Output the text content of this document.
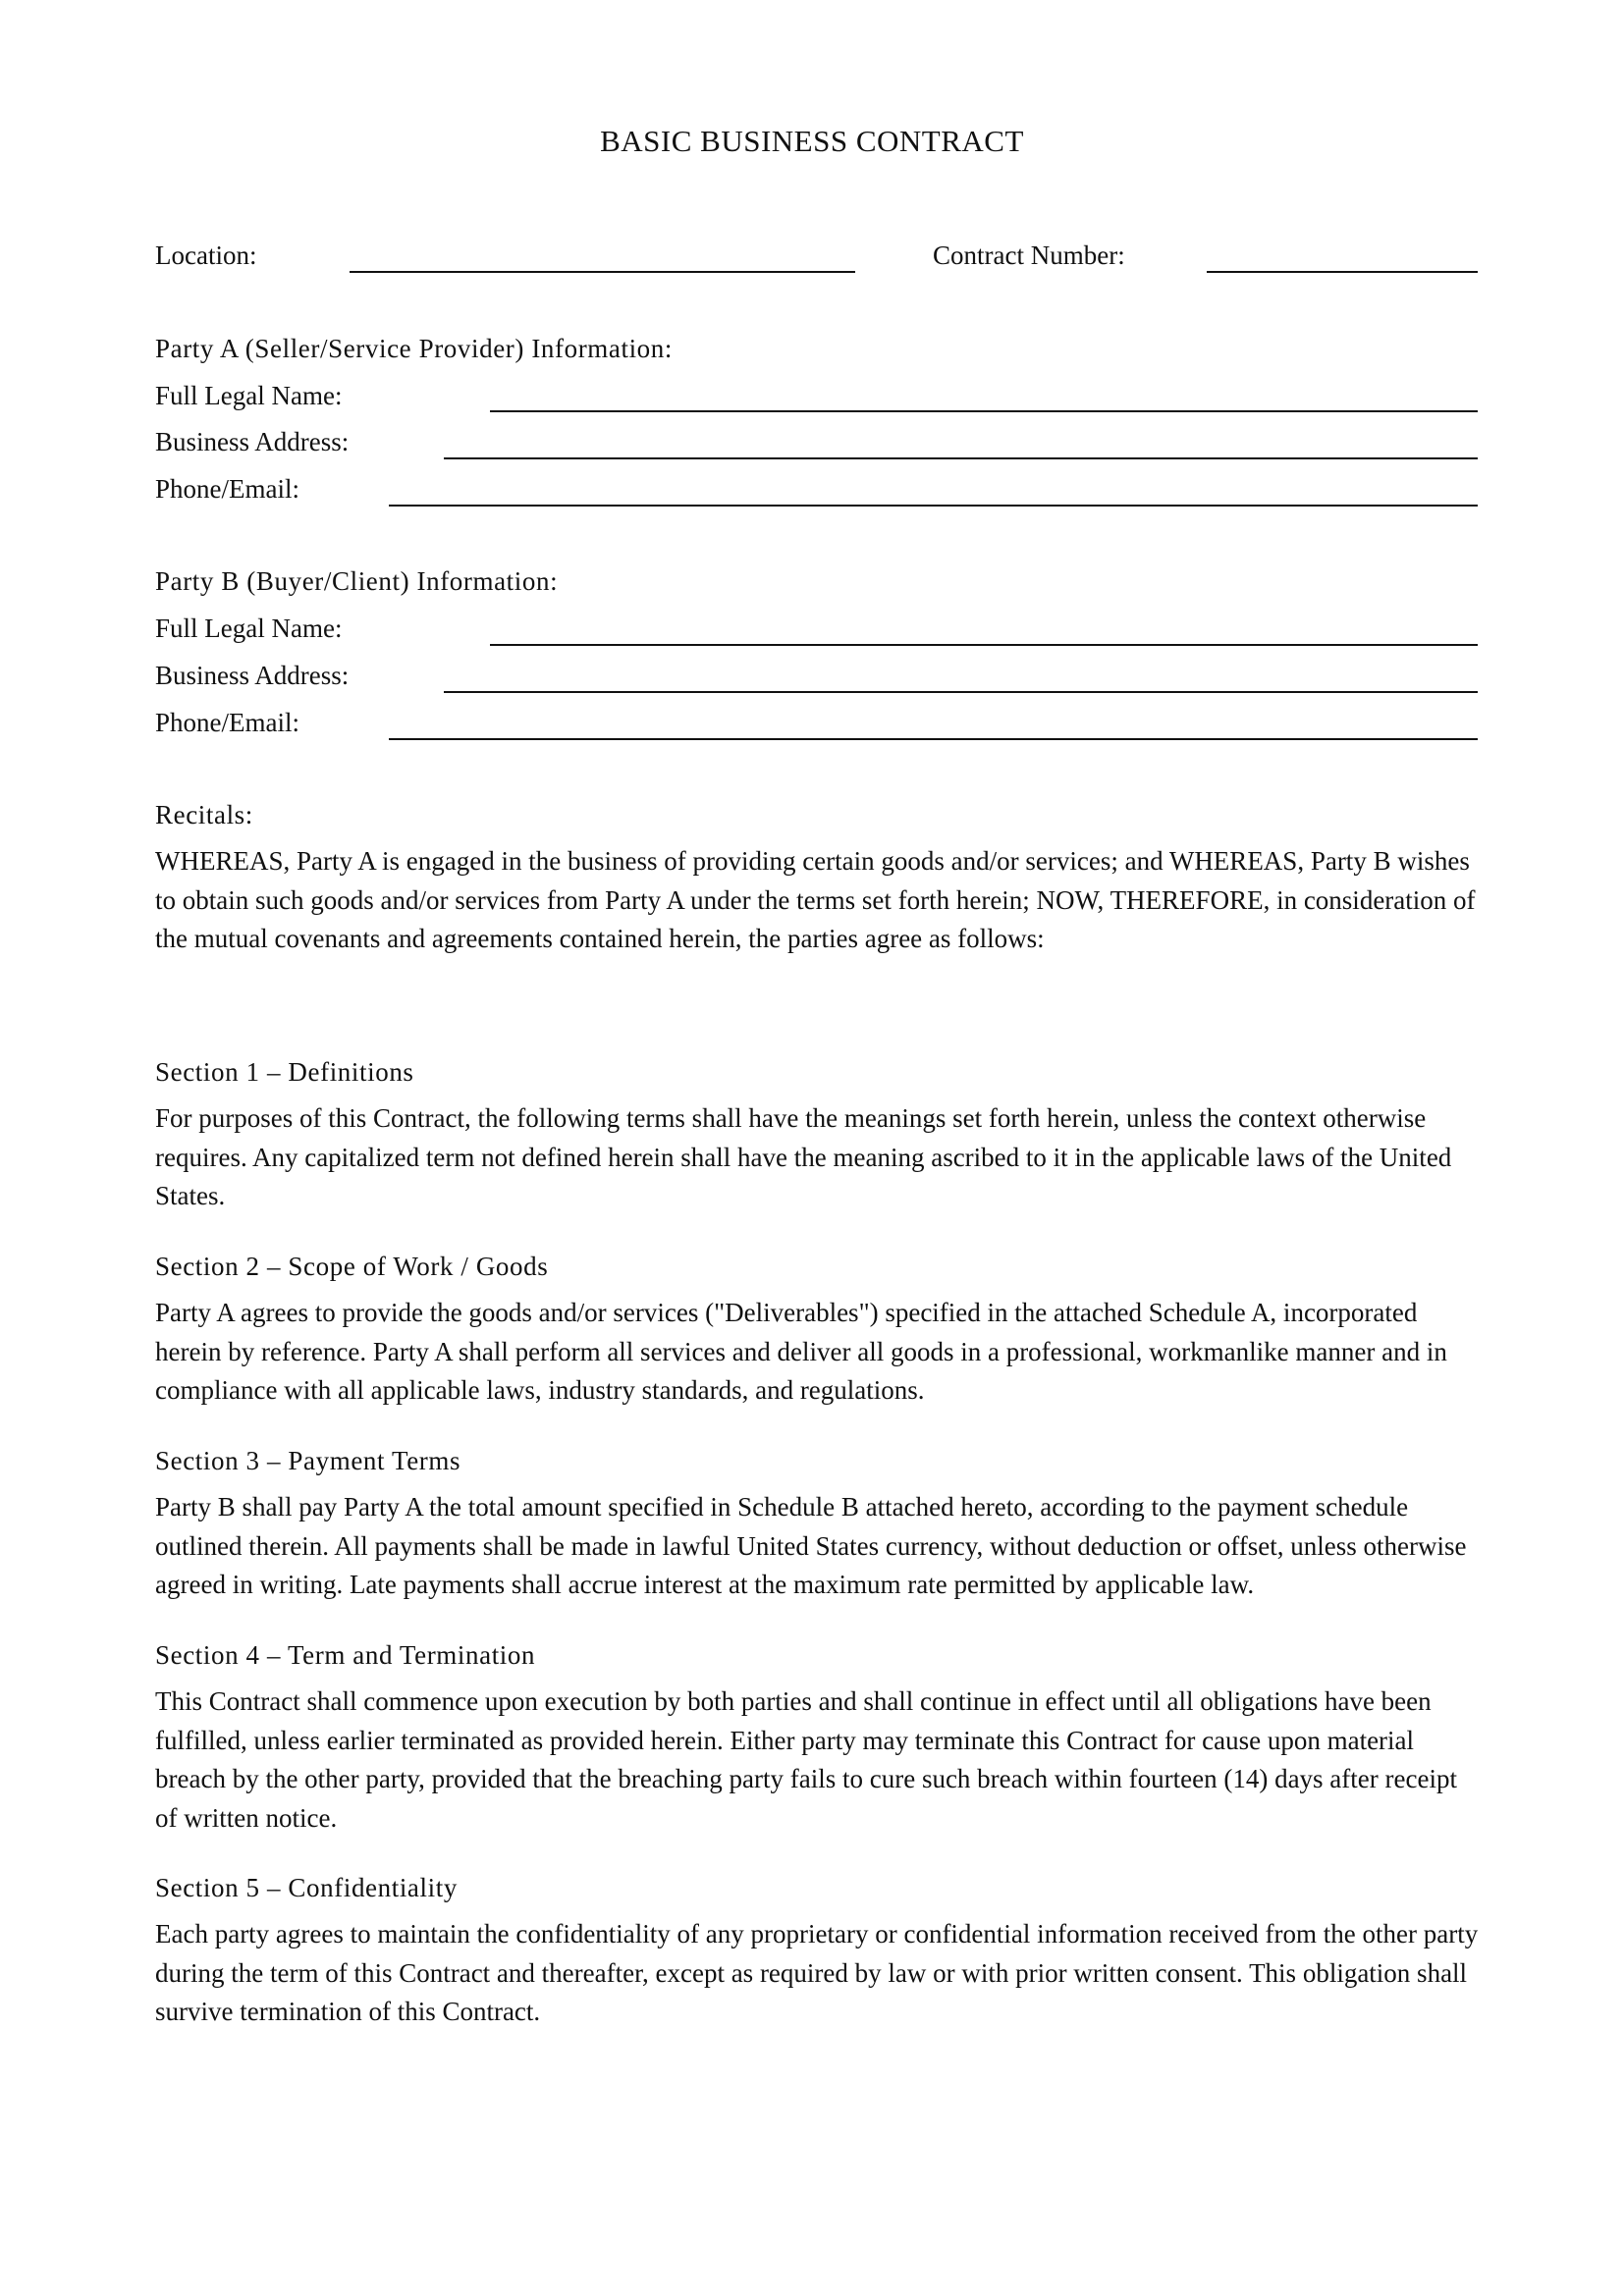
BASIC BUSINESS CONTRACT
Location:	Contract Number:
Party A (Seller/Service Provider) Information:
Full Legal Name:
Business Address:
Phone/Email:
Party B (Buyer/Client) Information:
Full Legal Name:
Business Address:
Phone/Email:
Recitals:

WHEREAS, Party A is engaged in the business of providing certain goods and/or services; and WHEREAS, Party B wishes to obtain such goods and/or services from Party A under the terms set forth herein; NOW, THEREFORE, in consideration of the mutual covenants and agreements contained herein, the parties agree as follows:

Section 1 – Definitions

For purposes of this Contract, the following terms shall have the meanings set forth herein, unless the context otherwise requires. Any capitalized term not defined herein shall have the meaning ascribed to it in the applicable laws of the United States.

Section 2 – Scope of Work / Goods

Party A agrees to provide the goods and/or services ("Deliverables") specified in the attached Schedule A, incorporated herein by reference. Party A shall perform all services and deliver all goods in a professional, workmanlike manner and in compliance with all applicable laws, industry standards, and regulations.

Section 3 – Payment Terms

Party B shall pay Party A the total amount specified in Schedule B attached hereto, according to the payment schedule outlined therein. All payments shall be made in lawful United States currency, without deduction or offset, unless otherwise agreed in writing. Late payments shall accrue interest at the maximum rate permitted by applicable law.

Section 4 – Term and Termination

This Contract shall commence upon execution by both parties and shall continue in effect until all obligations have been fulfilled, unless earlier terminated as provided herein. Either party may terminate this Contract for cause upon material breach by the other party, provided that the breaching party fails to cure such breach within fourteen (14) days after receipt of written notice.

Section 5 – Confidentiality

Each party agrees to maintain the confidentiality of any proprietary or confidential information received from the other party during the term of this Contract and thereafter, except as required by law or with prior written consent. This obligation shall survive termination of this Contract.
